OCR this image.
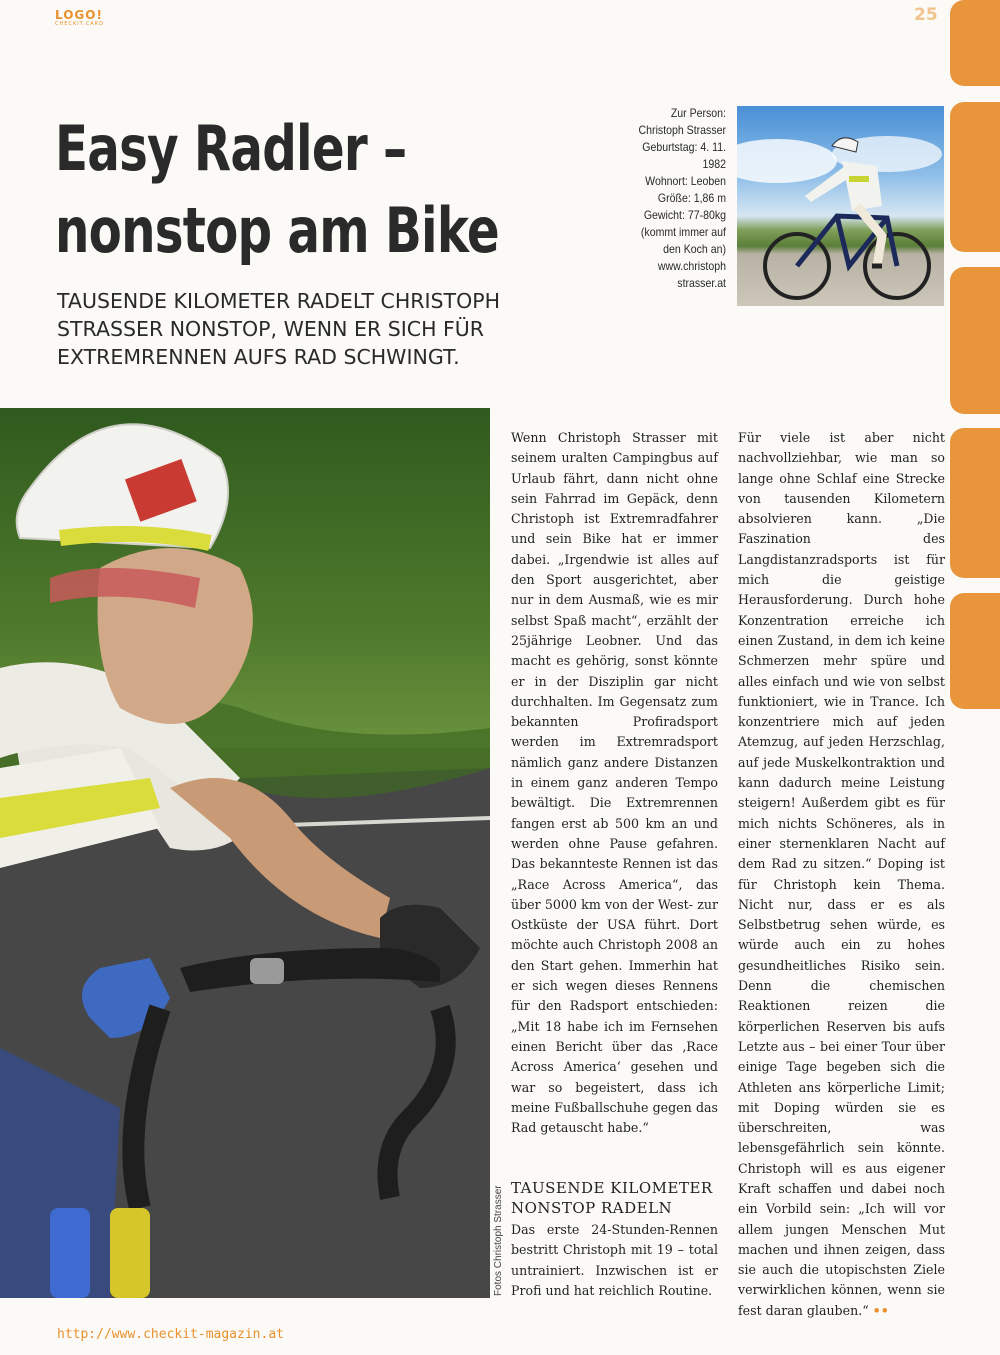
LOGO!
CHECKIT.CARD	25
Easy Radler –
nonstop am Bike
TAUSENDE KILOMETER RADELT CHRISTOPH STRASSER NONSTOP, WENN ER SICH FÜR EXTREMRENNEN AUFS RAD SCHWINGT.
Zur Person:
Christoph Strasser
Geburtstag: 4. 11. 1982
Wohnort: Leoben
Größe: 1,86 m
Gewicht: 77-80kg (kommt immer auf den Koch an)
www.christoph strasser.at
Wenn Christoph Strasser mit seinem uralten Campingbus auf Urlaub fährt, dann nicht ohne sein Fahrrad im Gepäck, denn Christoph ist Extremradfahrer und sein Bike hat er immer dabei. „Irgendwie ist alles auf den Sport ausgerichtet, aber nur in dem Ausmaß, wie es mir selbst Spaß macht“, erzählt der 25jährige Leobner. Und das macht es gehörig, sonst könnte er in der Disziplin gar nicht durchhalten. Im Gegensatz zum bekannten Profiradsport werden im Extremradsport nämlich ganz andere Distanzen in einem ganz anderen Tempo bewältigt. Die Extremrennen fangen erst ab 500 km an und werden ohne Pause gefahren. Das bekannteste Rennen ist das „Race Across America“, das über 5000 km von der West- zur Ostküste der USA führt. Dort möchte auch Christoph 2008 an den Start gehen. Immerhin hat er sich wegen dieses Rennens für den Radsport entschieden: „Mit 18 habe ich im Fernsehen einen Bericht über das ‚Race Across America‘ gesehen und war so begeistert, dass ich meine Fußballschuhe gegen das Rad getauscht habe.“
TAUSENDE KILOMETER NONSTOP RADELN
Das erste 24-Stunden-Rennen bestritt Christoph mit 19 – total untrainiert. Inzwischen ist er Profi und hat reichlich Routine.
Für viele ist aber nicht nachvollziehbar, wie man so lange ohne Schlaf eine Strecke von tausenden Kilometern absolvieren kann. „Die Faszination des Langdistanzradsports ist für mich die geistige Herausforderung. Durch hohe Konzentration erreiche ich einen Zustand, in dem ich keine Schmerzen mehr spüre und alles einfach und wie von selbst funktioniert, wie in Trance. Ich konzentriere mich auf jeden Atemzug, auf jeden Herzschlag, auf jede Muskelkontraktion und kann dadurch meine Leistung steigern! Außerdem gibt es für mich nichts Schöneres, als in einer sternenklaren Nacht auf dem Rad zu sitzen.“ Doping ist für Christoph kein Thema. Nicht nur, dass er es als Selbstbetrug sehen würde, es würde auch ein zu hohes gesundheitliches Risiko sein. Denn die chemischen Reaktionen reizen die körperlichen Reserven bis aufs Letzte aus – bei einer Tour über einige Tage begeben sich die Athleten ans körperliche Limit; mit Doping würden sie es überschreiten, was lebensgefährlich sein könnte. Christoph will es aus eigener Kraft schaffen und dabei noch ein Vorbild sein: „Ich will vor allem jungen Menschen Mut machen und ihnen zeigen, dass sie auch die utopischsten Ziele verwirklichen können, wenn sie fest daran glauben.“ ••
Fotos Christoph Strasser
http://www.checkit-magazin.at
